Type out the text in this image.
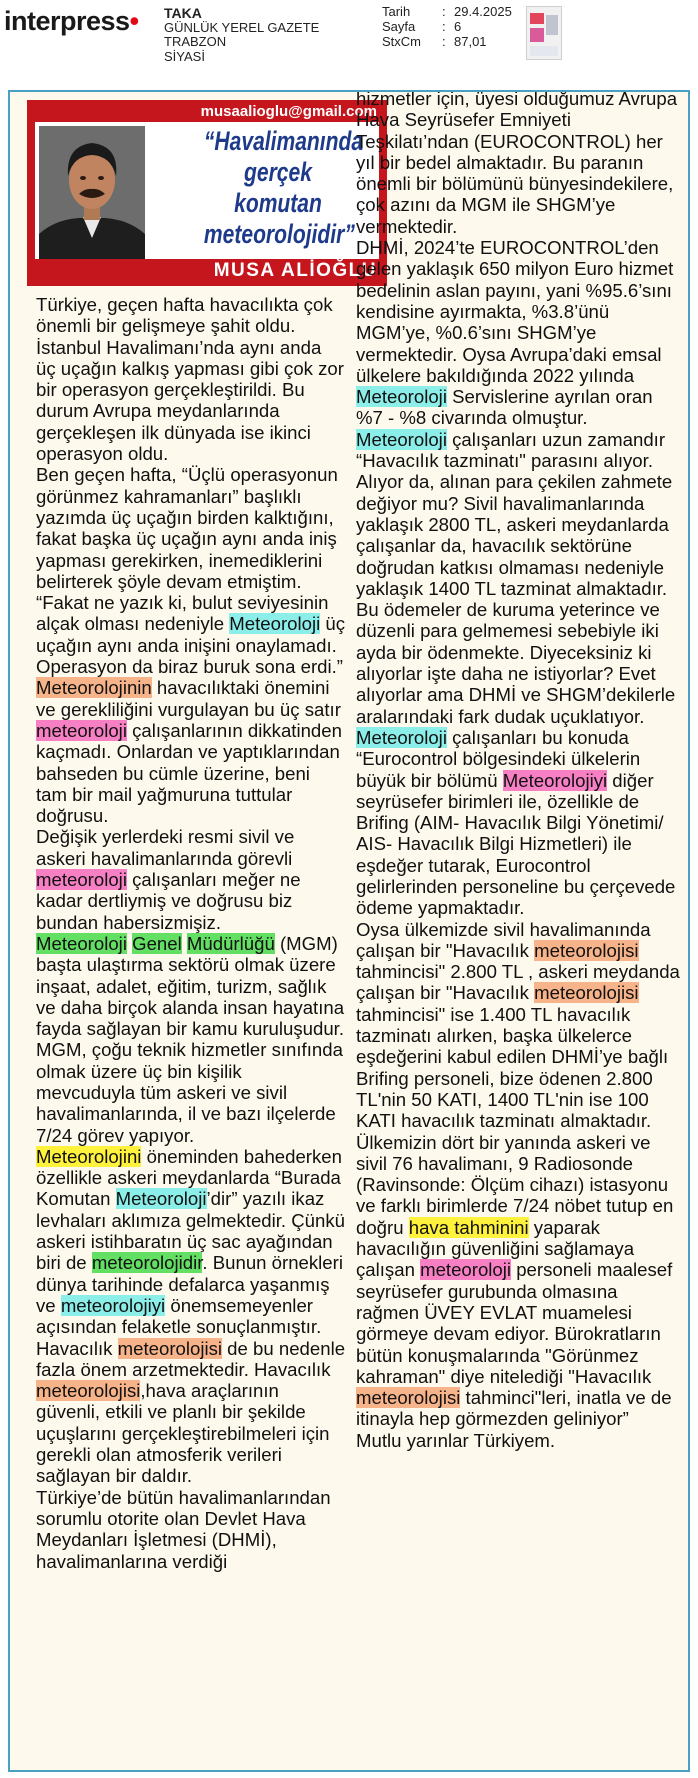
interpress• TAKA
GÜNLÜK YEREL GAZETE
TRABZON
SİYASİ
Tarih	: 29.4.2025
Sayfa	: 6
StxCm	: 87,01
musaalioglu@gmail.com
“Havalimanında gerçek komutan meteorolojidir”
MUSA ALİOĞLU

Türkiye, geçen hafta havacılıkta çok önemli bir gelişmeye şahit oldu. İstanbul Havalimanı’nda aynı anda üç uçağın kalkış yapması gibi çok zor bir operasyon gerçekleştirildi. Bu durum Avrupa meydanlarında gerçekleşen ilk dünyada ise ikinci operasyon oldu.

Ben geçen hafta, “Üçlü operasyonun görünmez kahramanları” başlıklı yazımda üç uçağın birden kalktığını, fakat başka üç uçağın aynı anda iniş yapması gerekirken, inemediklerini belirterek şöyle devam etmiştim.

“Fakat ne yazık ki, bulut seviyesinin alçak olması nedeniyle Meteoroloji üç uçağın aynı anda inişini onaylamadı.

Operasyon da biraz buruk sona erdi.”

Meteorolojinin havacılıktaki önemini ve gerekliliğini vurgulayan bu üç satır meteoroloji çalışanlarının dikkatinden kaçmadı. Onlardan ve yaptıklarından bahseden bu cümle üzerine, beni tam bir mail yağmuruna tuttular doğrusu.

Değişik yerlerdeki resmi sivil ve askeri havalimanlarında görevli meteoroloji çalışanları meğer ne kadar dertliymiş ve doğrusu biz bundan habersizmişiz.

Meteoroloji Genel Müdürlüğü (MGM) başta ulaştırma sektörü olmak üzere inşaat, adalet, eğitim, turizm, sağlık ve daha birçok alanda insan hayatına fayda sağlayan bir kamu kuruluşudur. MGM, çoğu teknik hizmetler sınıfında olmak üzere üç bin kişilik mevcuduyla tüm askeri ve sivil havalimanlarında, il ve bazı ilçelerde 7/24 görev yapıyor.

Meteorolojini öneminden bahederken özellikle askeri meydanlarda “Burada Komutan Meteoroloji’dir” yazılı ikaz levhaları aklımıza gelmektedir. Çünkü askeri istihbaratın üç sac ayağından biri de meteorolojidir. Bunun örnekleri dünya tarihinde defalarca yaşanmış ve meteorolojiyi önemsemeyenler açısından felaketle sonuçlanmıştır.

Havacılık meteorolojisi de bu nedenle fazla önem arzetmektedir. Havacılık meteorolojisi,hava araçlarının güvenli, etkili ve planlı bir şekilde uçuşlarını gerçekleştirebilmeleri için gerekli olan atmosferik verileri sağlayan bir daldır.

Türkiye’de bütün havalimanlarından sorumlu otorite olan Devlet Hava Meydanları İşletmesi (DHMİ), havalimanlarına verdiği

hizmetler için, üyesi olduğumuz Avrupa Hava Seyrüsefer Emniyeti Teşkilatı’ndan (EUROCONTROL) her yıl bir bedel almaktadır. Bu paranın önemli bir bölümünü bünyesindekilere, çok azını da MGM ile SHGM’ye vermektedir.

DHMİ, 2024’te EUROCONTROL’den gelen yaklaşık 650 milyon Euro hizmet bedelinin aslan payını, yani %95.6’sını kendisine ayırmakta, %3.8’ünü MGM’ye, %0.6’sını SHGM’ye vermektedir. Oysa Avrupa’daki emsal ülkelere bakıldığında 2022 yılında Meteoroloji Servislerine ayrılan oran %7 - %8 civarında olmuştur.

Meteoroloji çalışanları uzun zamandır “Havacılık tazminatı" parasını alıyor. Alıyor da, alınan para çekilen zahmete değiyor mu? Sivil havalimanlarında yaklaşık 2800 TL, askeri meydanlarda çalışanlar da, havacılık sektörüne doğrudan katkısı olmaması nedeniyle yaklaşık 1400 TL tazminat almaktadır. Bu ödemeler de kuruma yeterince ve düzenli para gelmemesi sebebiyle iki ayda bir ödenmekte. Diyeceksiniz ki alıyorlar işte daha ne istiyorlar? Evet alıyorlar ama DHMİ ve SHGM’dekilerle aralarındaki fark dudak uçuklatıyor.

Meteoroloji çalışanları bu konuda

“Eurocontrol bölgesindeki ülkelerin büyük bir bölümü Meteorolojiyi diğer seyrüsefer birimleri ile, özellikle de Brifing (AIM- Havacılık Bilgi Yönetimi/ AIS- Havacılık Bilgi Hizmetleri) ile eşdeğer tutarak, Eurocontrol gelirlerinden personeline bu çerçevede ödeme yapmaktadır.

Oysa ülkemizde sivil havalimanında çalışan bir "Havacılık meteorolojisi tahmincisi" 2.800 TL , askeri meydanda çalışan bir "Havacılık meteorolojisi tahmincisi" ise 1.400 TL havacılık tazminatı alırken, başka ülkelerce eşdeğerini kabul edilen DHMİ’ye bağlı Brifing personeli, bize ödenen 2.800 TL'nin 50 KATI, 1400 TL'nin ise 100 KATI havacılık tazminatı almaktadır. Ülkemizin dört bir yanında askeri ve sivil 76 havalimanı, 9 Radiosonde (Ravinsonde: Ölçüm cihazı) istasyonu ve farklı birimlerde 7/24 nöbet tutup en doğru hava tahminini yaparak havacılığın güvenliğini sağlamaya çalışan meteoroloji personeli maalesef seyrüsefer gurubunda olmasına rağmen ÜVEY EVLAT muamelesi görmeye devam ediyor. Bürokratların bütün konuşmalarında "Görünmez kahraman" diye nitelediği "Havacılık meteorolojisi tahminci"leri, inatla ve de itinayla hep görmezden geliniyor”

Mutlu yarınlar Türkiyem.
